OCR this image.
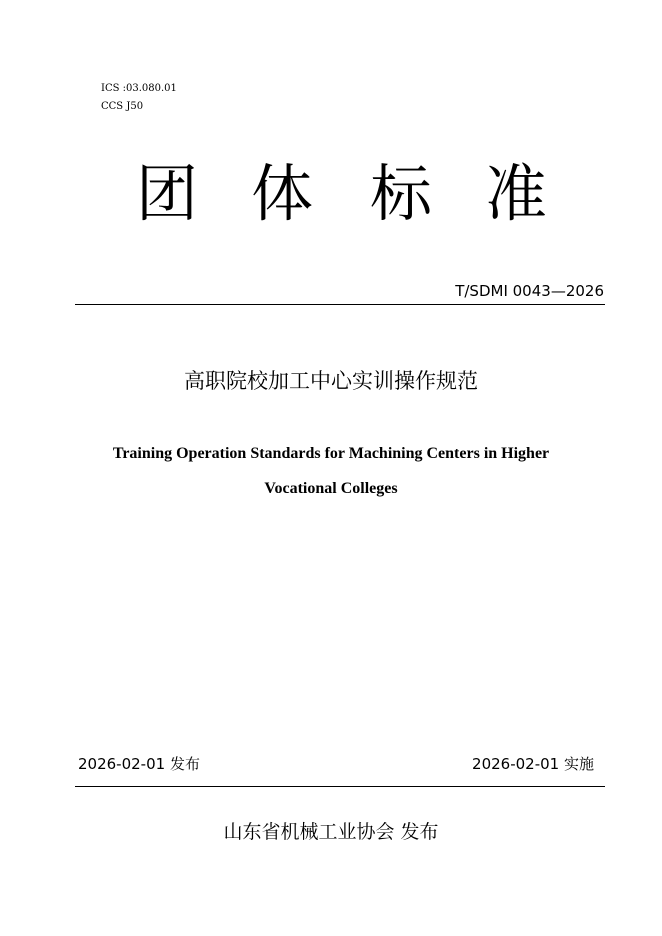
ICS :03.080.01
CCS J50
团 体 标 准
T/SDMI 0043—2026
高职院校加工中心实训操作规范
Training Operation Standards for Machining Centers in Higher
Vocational Colleges
2026-02-01 发布	2026-02-01 实施
山东省机械工业协会 发布
